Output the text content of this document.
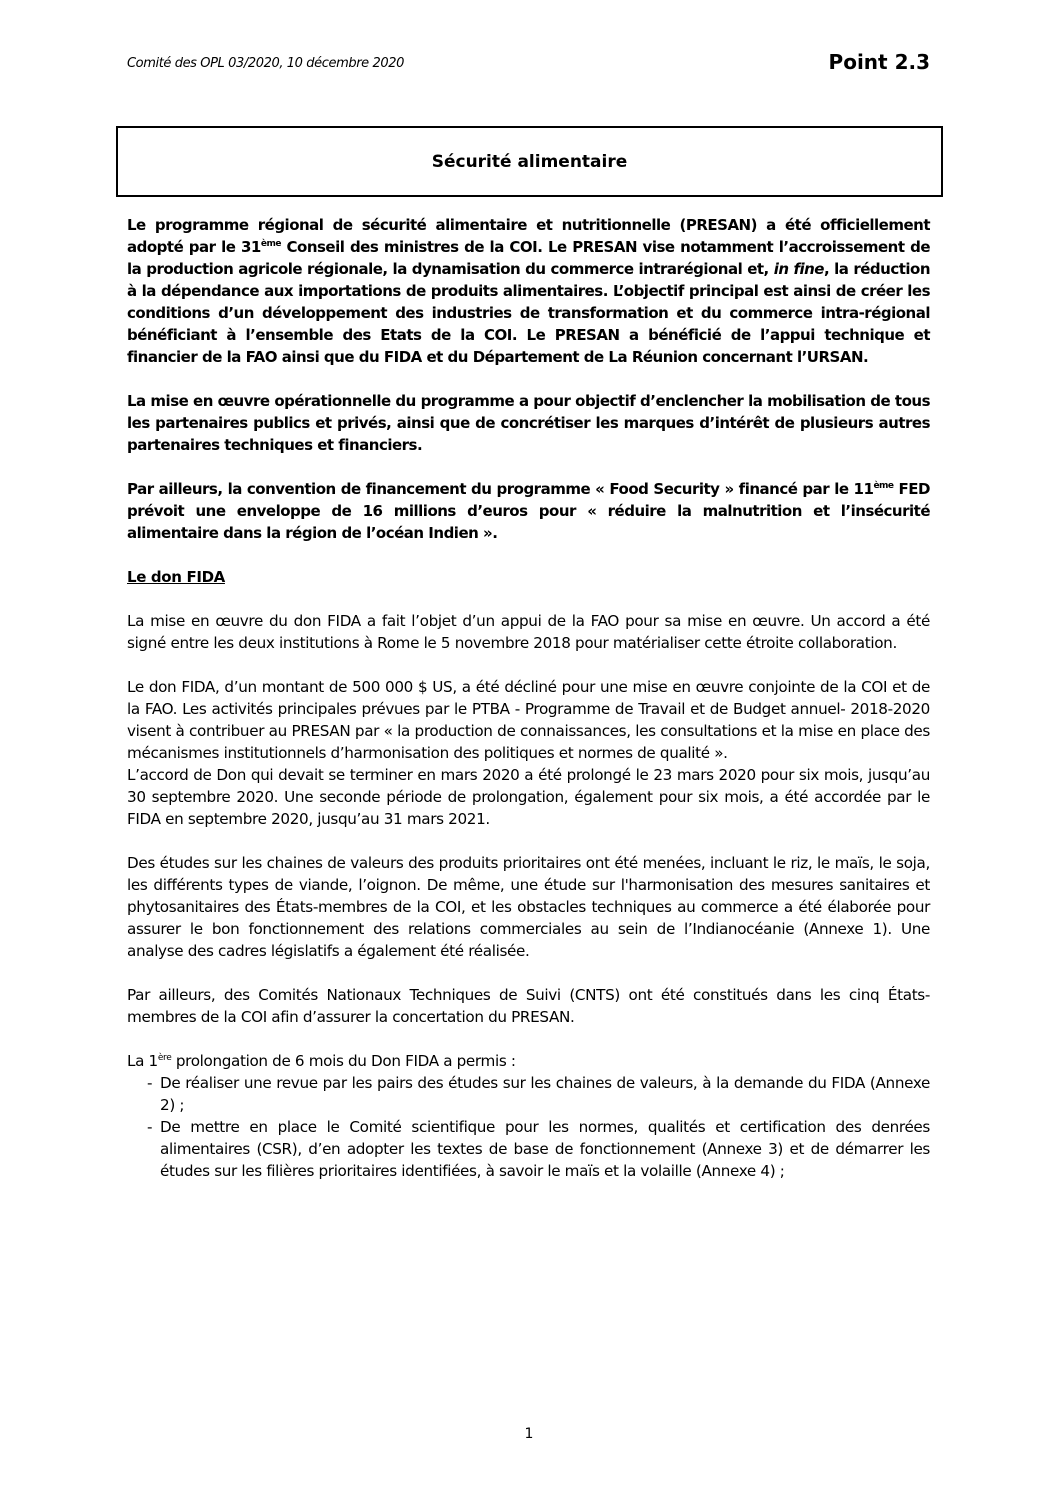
Comité des OPL 03/2020, 10 décembre 2020	Point 2.3
Sécurité alimentaire

Le programme régional de sécurité alimentaire et nutritionnelle (PRESAN) a été officiellement adopté par le 31ème Conseil des ministres de la COI. Le PRESAN vise notamment l’accroissement de la production agricole régionale, la dynamisation du commerce intrarégional et, in fine, la réduction à la dépendance aux importations de produits alimentaires. L’objectif principal est ainsi de créer les conditions d’un développement des industries de transformation et du commerce intra-régional bénéficiant à l’ensemble des Etats de la COI. Le PRESAN a bénéficié de l’appui technique et financier de la FAO ainsi que du FIDA et du Département de La Réunion concernant l’URSAN.

La mise en œuvre opérationnelle du programme a pour objectif d’enclencher la mobilisation de tous les partenaires publics et privés, ainsi que de concrétiser les marques d’intérêt de plusieurs autres partenaires techniques et financiers.

Par ailleurs, la convention de financement du programme « Food Security » financé par le 11ème FED prévoit une enveloppe de 16 millions d’euros pour « réduire la malnutrition et l’insécurité alimentaire dans la région de l’océan Indien ».

Le don FIDA

La mise en œuvre du don FIDA a fait l’objet d’un appui de la FAO pour sa mise en œuvre. Un accord a été signé entre les deux institutions à Rome le 5 novembre 2018 pour matérialiser cette étroite collaboration.

Le don FIDA, d’un montant de 500 000 $ US, a été décliné pour une mise en œuvre conjointe de la COI et de la FAO. Les activités principales prévues par le PTBA - Programme de Travail et de Budget annuel- 2018-2020 visent à contribuer au PRESAN par « la production de connaissances, les consultations et la mise en place des mécanismes institutionnels d’harmonisation des politiques et normes de qualité ».

L’accord de Don qui devait se terminer en mars 2020 a été prolongé le 23 mars 2020 pour six mois, jusqu’au 30 septembre 2020. Une seconde période de prolongation, également pour six mois, a été accordée par le FIDA en septembre 2020, jusqu’au 31 mars 2021.

Des études sur les chaines de valeurs des produits prioritaires ont été menées, incluant le riz, le maïs, le soja, les différents types de viande, l’oignon. De même, une étude sur l'harmonisation des mesures sanitaires et phytosanitaires des États-membres de la COI, et les obstacles techniques au commerce a été élaborée pour assurer le bon fonctionnement des relations commerciales au sein de l’Indianocéanie (Annexe 1). Une analyse des cadres législatifs a également été réalisée.

Par ailleurs, des Comités Nationaux Techniques de Suivi (CNTS) ont été constitués dans les cinq États-membres de la COI afin d’assurer la concertation du PRESAN.

La 1ère prolongation de 6 mois du Don FIDA a permis :

- De réaliser une revue par les pairs des études sur les chaines de valeurs, à la demande du FIDA (Annexe 2) ;
- De mettre en place le Comité scientifique pour les normes, qualités et certification des denrées alimentaires (CSR), d’en adopter les textes de base de fonctionnement (Annexe 3) et de démarrer les études sur les filières prioritaires identifiées, à savoir le maïs et la volaille (Annexe 4) ;
1
